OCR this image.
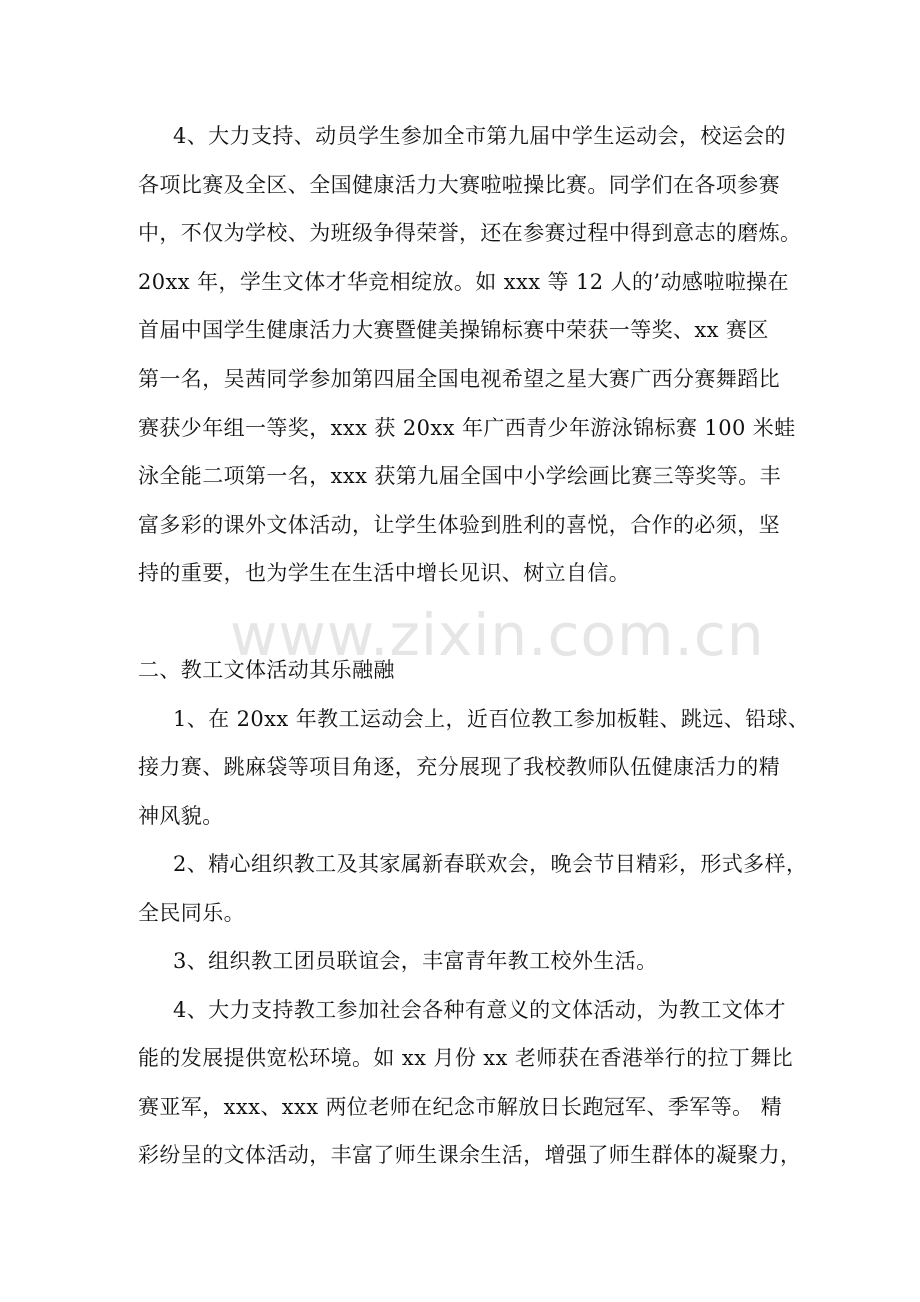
www.zixin.com.cn
4、大力支持、动员学生参加全市第九届中学生运动会，校运会的
各项比赛及全区、全国健康活力大赛啦啦操比赛。同学们在各项参赛
中，不仅为学校、为班级争得荣誉，还在参赛过程中得到意志的磨炼。
20xx 年，学生文体才华竞相绽放。如 xxx 等 12 人的’动感啦啦操在
首届中国学生健康活力大赛暨健美操锦标赛中荣获一等奖、xx 赛区
第一名，吴茜同学参加第四届全国电视希望之星大赛广西分赛舞蹈比
赛获少年组一等奖，xxx 获 20xx 年广西青少年游泳锦标赛 100 米蛙
泳全能二项第一名，xxx 获第九届全国中小学绘画比赛三等奖等。丰
富多彩的课外文体活动，让学生体验到胜利的喜悦，合作的必须，坚
持的重要，也为学生在生活中增长见识、树立自信。
二、教工文体活动其乐融融
1、在 20xx 年教工运动会上，近百位教工参加板鞋、跳远、铅球、
接力赛、跳麻袋等项目角逐，充分展现了我校教师队伍健康活力的精
神风貌。
2、精心组织教工及其家属新春联欢会，晚会节目精彩，形式多样，
全民同乐。
3、组织教工团员联谊会，丰富青年教工校外生活。
4、大力支持教工参加社会各种有意义的文体活动，为教工文体才
能的发展提供宽松环境。如 xx 月份 xx 老师获在香港举行的拉丁舞比
赛亚军，xxx、xxx 两位老师在纪念市解放日长跑冠军、季军等。 精
彩纷呈的文体活动，丰富了师生课余生活，增强了师生群体的凝聚力，
